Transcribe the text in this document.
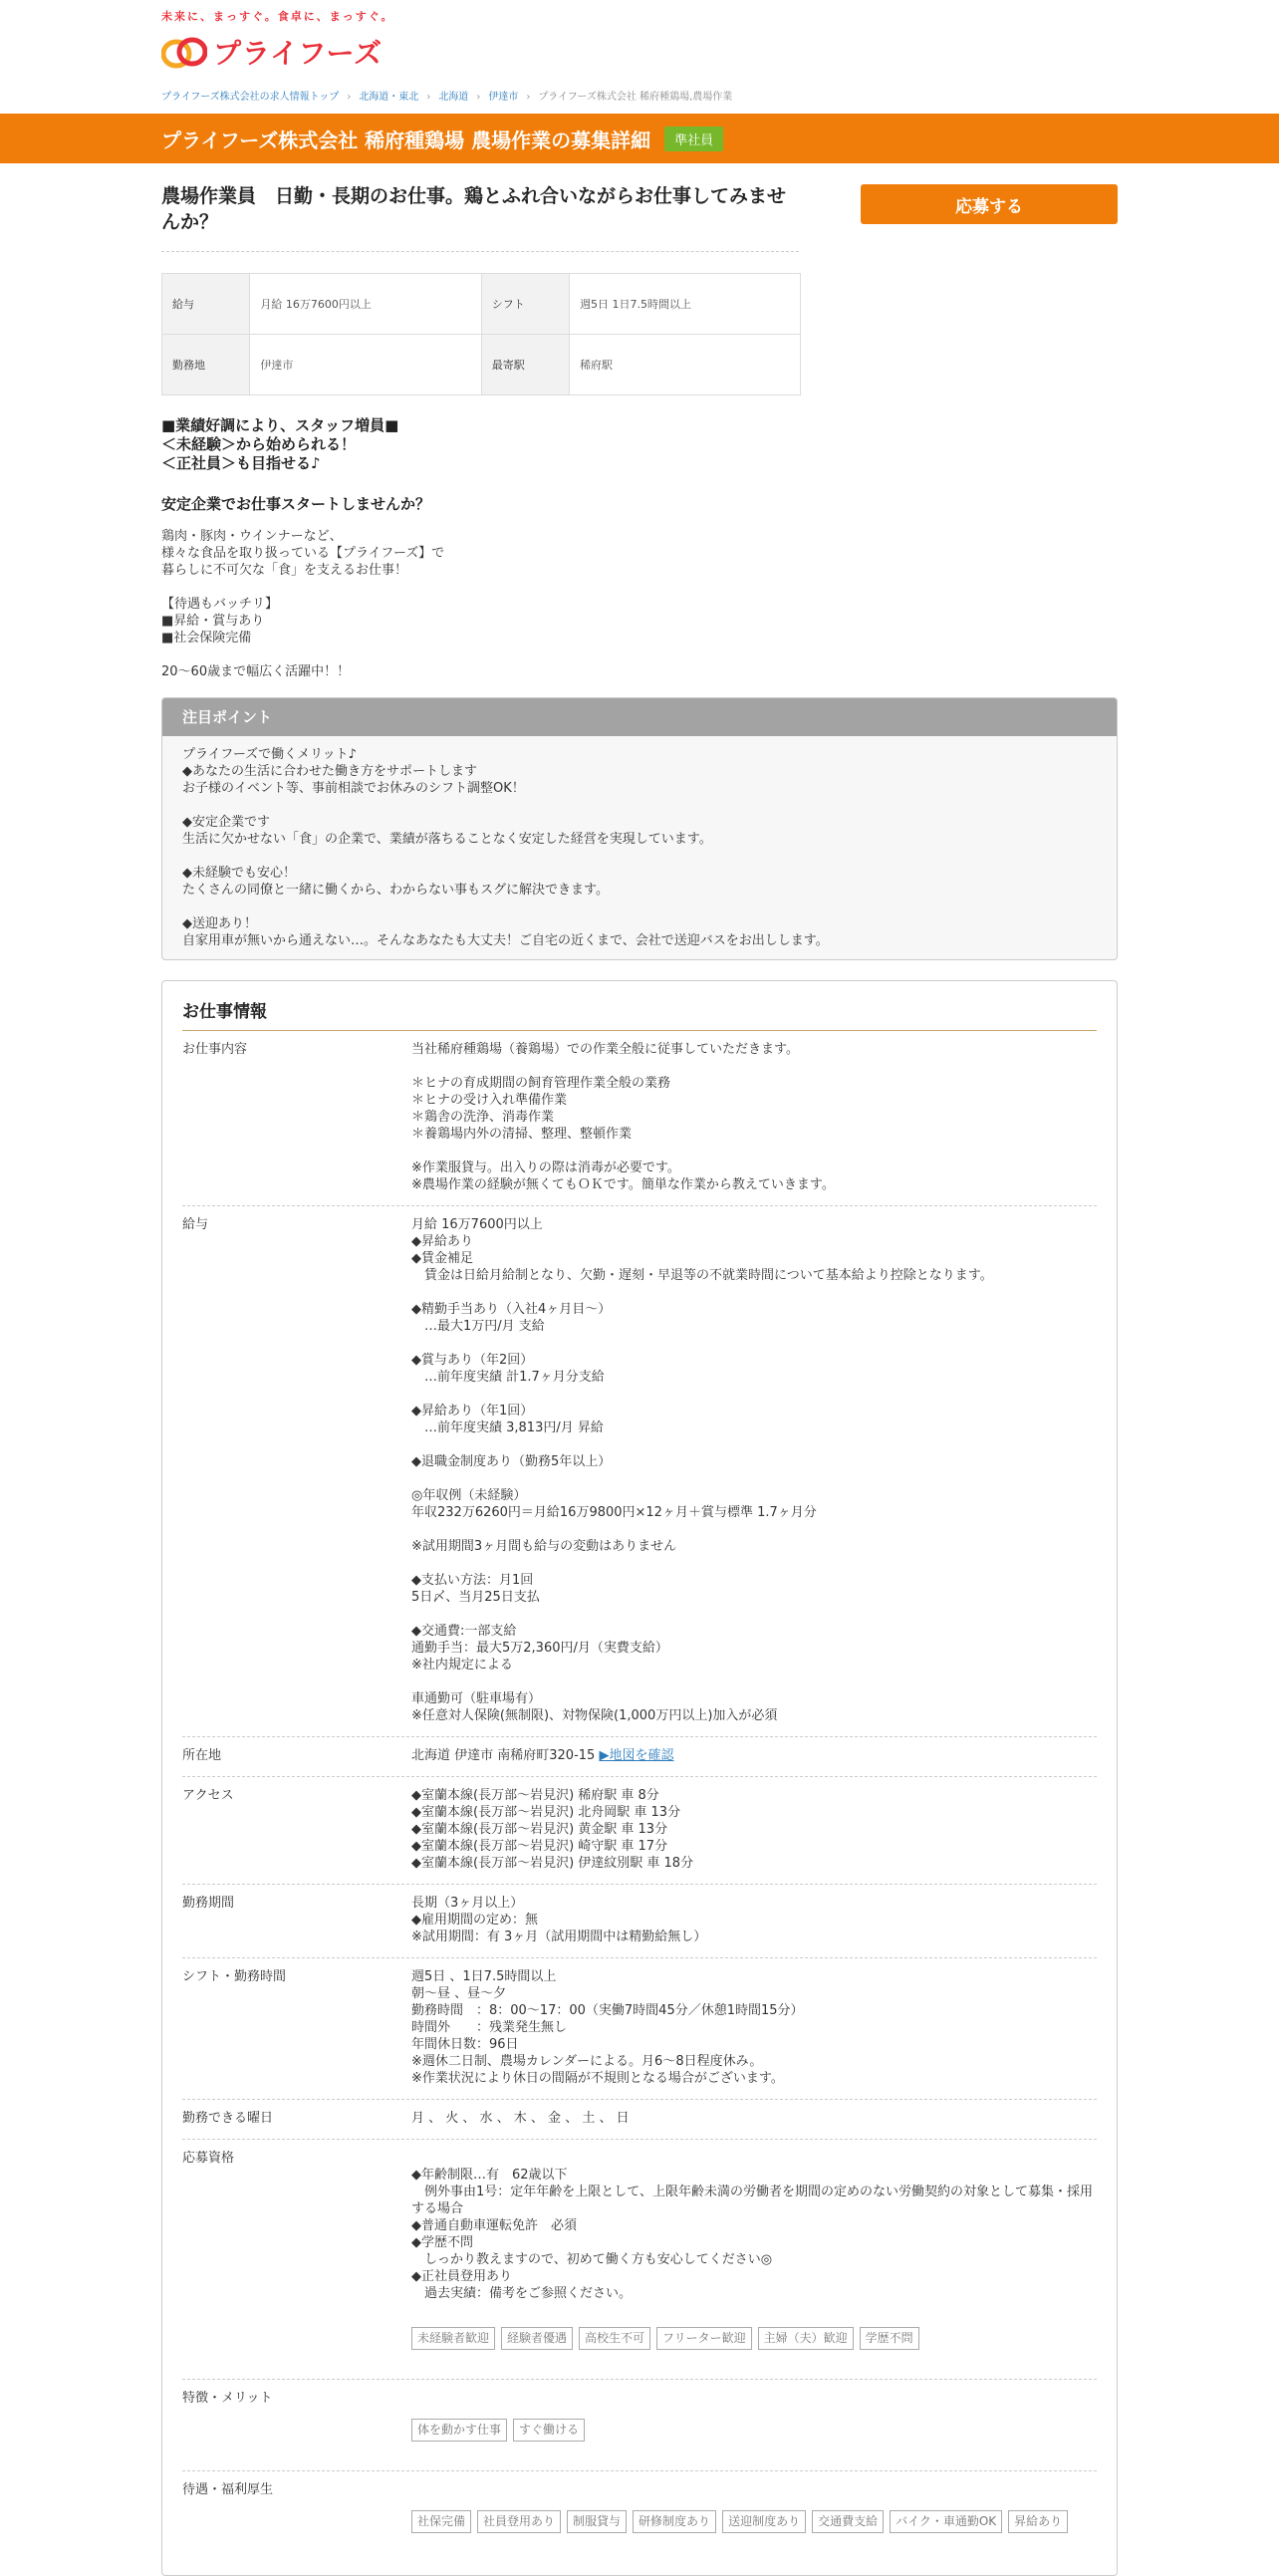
未来に、まっすぐ。食卓に、まっすぐ。
プライフーズ
プライフーズ株式会社の求人情報トップ › 北海道・東北 › 北海道 › 伊達市 › プライフーズ株式会社 稀府種鶏場,農場作業
プライフーズ株式会社 稀府種鶏場 農場作業の募集詳細	準社員
農場作業員　日勤・長期のお仕事。鶏とふれ合いながらお仕事してみませんか？
応募する
給与	月給 16万7600円以上	シフト	週5日 1日7.5時間以上
勤務地	伊達市	最寄駅	稀府駅
■業績好調により、スタッフ増員■
＜未経験＞から始められる！
＜正社員＞も目指せる♪
安定企業でお仕事スタートしませんか？
鶏肉・豚肉・ウインナーなど、
様々な食品を取り扱っている【プライフーズ】で
暮らしに不可欠な「食」を支えるお仕事！

【待遇もバッチリ】
■昇給・賞与あり
■社会保険完備

20〜60歳まで幅広く活躍中！！
注目ポイント
プライフーズで働くメリット♪
◆あなたの生活に合わせた働き方をサポートします
お子様のイベント等、事前相談でお休みのシフト調整OK！

◆安定企業です
生活に欠かせない「食」の企業で、業績が落ちることなく安定した経営を実現しています。

◆未経験でも安心！
たくさんの同僚と一緒に働くから、わからない事もスグに解決できます。

◆送迎あり！
自家用車が無いから通えない…。そんなあなたも大丈夫！ご自宅の近くまで、会社で送迎バスをお出しします。
お仕事情報
お仕事内容	当社稀府種鶏場（養鶏場）での作業全般に従事していただきます。

＊ヒナの育成期間の飼育管理作業全般の業務
＊ヒナの受け入れ準備作業
＊鶏舎の洗浄、消毒作業
＊養鶏場内外の清掃、整理、整頓作業

※作業服貸与。出入りの際は消毒が必要です。
※農場作業の経験が無くてもＯＫです。簡単な作業から教えていきます。
給与	月給 16万7600円以上
◆昇給あり
◆賃金補足
　賃金は日給月給制となり、欠勤・遅刻・早退等の不就業時間について基本給より控除となります。

◆精勤手当あり（入社4ヶ月目〜）
　…最大1万円/月 支給

◆賞与あり（年2回）
　…前年度実績 計1.7ヶ月分支給

◆昇給あり（年1回）
　…前年度実績 3,813円/月 昇給

◆退職金制度あり（勤務5年以上）

◎年収例（未経験）
年収232万6260円＝月給16万9800円×12ヶ月＋賞与標準 1.7ヶ月分

※試用期間3ヶ月間も給与の変動はありません

◆支払い方法：月1回
5日〆、当月25日支払

◆交通費:一部支給
通勤手当：最大5万2,360円/月（実費支給）
※社内規定による

車通勤可（駐車場有）
※任意対人保険(無制限)、対物保険(1,000万円以上)加入が必須
所在地	北海道 伊達市 南稀府町320-15 ▶地図を確認
アクセス	◆室蘭本線(長万部～岩見沢) 稀府駅 車 8分
◆室蘭本線(長万部～岩見沢) 北舟岡駅 車 13分
◆室蘭本線(長万部～岩見沢) 黄金駅 車 13分
◆室蘭本線(長万部～岩見沢) 崎守駅 車 17分
◆室蘭本線(長万部～岩見沢) 伊達紋別駅 車 18分
勤務期間	長期（3ヶ月以上）
◆雇用期間の定め：無
※試用期間：有 3ヶ月（試用期間中は精勤給無し）
シフト・勤務時間	週5日 、1日7.5時間以上
朝～昼 、昼～夕
勤務時間　：8：00〜17：00（実働7時間45分／休憩1時間15分）
時間外　　：残業発生無し
年間休日数：96日
※週休二日制、農場カレンダーによる。月6～8日程度休み。
※作業状況により休日の間隔が不規則となる場合がございます。
勤務できる曜日	月 、 火 、 水 、 木 、 金 、 土 、 日
応募資格

◆年齢制限…有　62歳以下
　例外事由1号：定年年齢を上限として、上限年齢未満の労働者を期間の定めのない労働契約の対象として募集・採用する場合
◆普通自動車運転免許　必須
◆学歴不問
　しっかり教えますので、初めて働く方も安心してください◎
◆正社員登用あり
　過去実績：備考をご参照ください。

未経験者歓迎	経験者優遇	高校生不可	フリーター歓迎	主婦（夫）歓迎	学歴不問

特徴・メリット

体を動かす仕事	すぐ働ける

待遇・福利厚生

社保完備	社員登用あり	制服貸与	研修制度あり	送迎制度あり	交通費支給	バイク・車通勤OK	昇給あり
